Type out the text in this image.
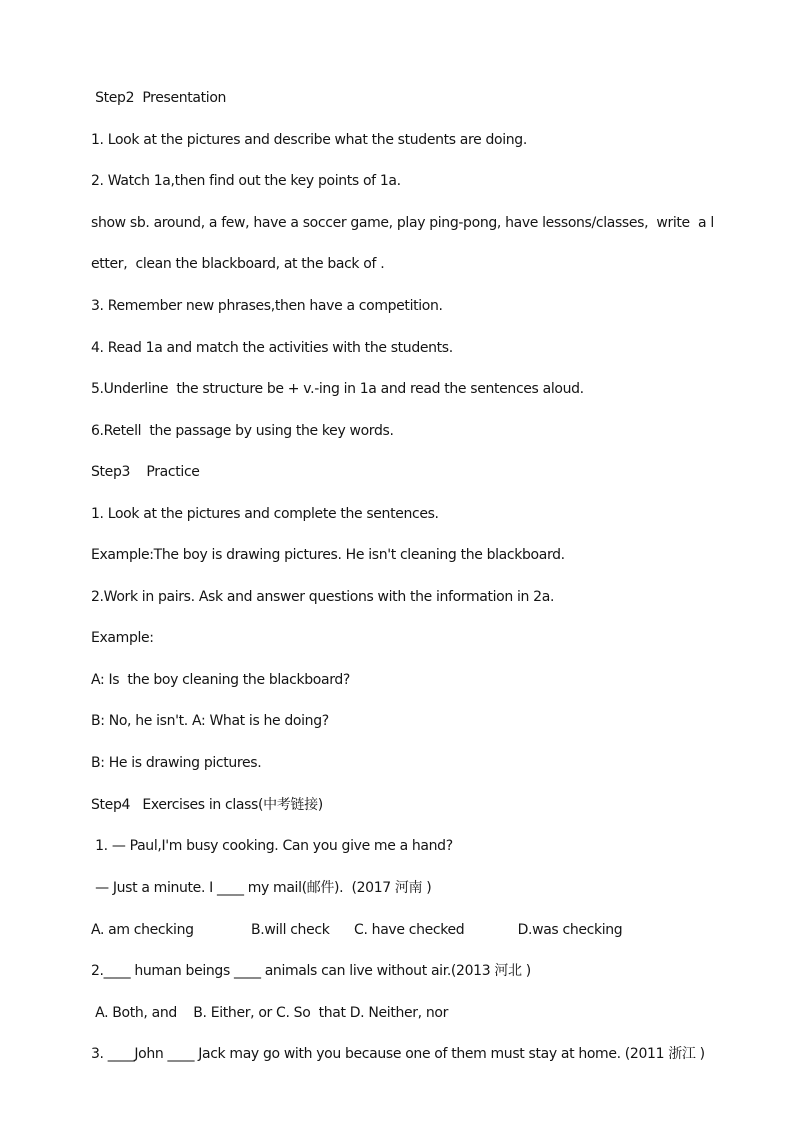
Step2  Presentation
1. Look at the pictures and describe what the students are doing.
2. Watch 1a,then find out the key points of 1a.
show sb. around, a few, have a soccer game, play ping-pong, have lessons/classes,  write  a l
etter,  clean the blackboard, at the back of .
3. Remember new phrases,then have a competition.
4. Read 1a and match the activities with the students.
5.Underline  the structure be + v.-ing in 1a and read the sentences aloud.
6.Retell  the passage by using the key words.
Step3    Practice
1. Look at the pictures and complete the sentences.
Example:The boy is drawing pictures. He isn't cleaning the blackboard.
2.Work in pairs. Ask and answer questions with the information in 2a.
Example:
A: Is  the boy cleaning the blackboard?
B: No, he isn't. A: What is he doing?
B: He is drawing pictures.
Step4   Exercises in class(中考链接)
1. — Paul,I'm busy cooking. Can you give me a hand?
— Just a minute. I ____ my mail(邮件).  (2017 河南 )
A. am checking              B.will check      C. have checked             D.was checking
2.____ human beings ____ animals can live without air.(2013 河北 )
A. Both, and    B. Either, or C. So  that D. Neither, nor
3. ____John ____ Jack may go with you because one of them must stay at home. (2011 浙江 )
